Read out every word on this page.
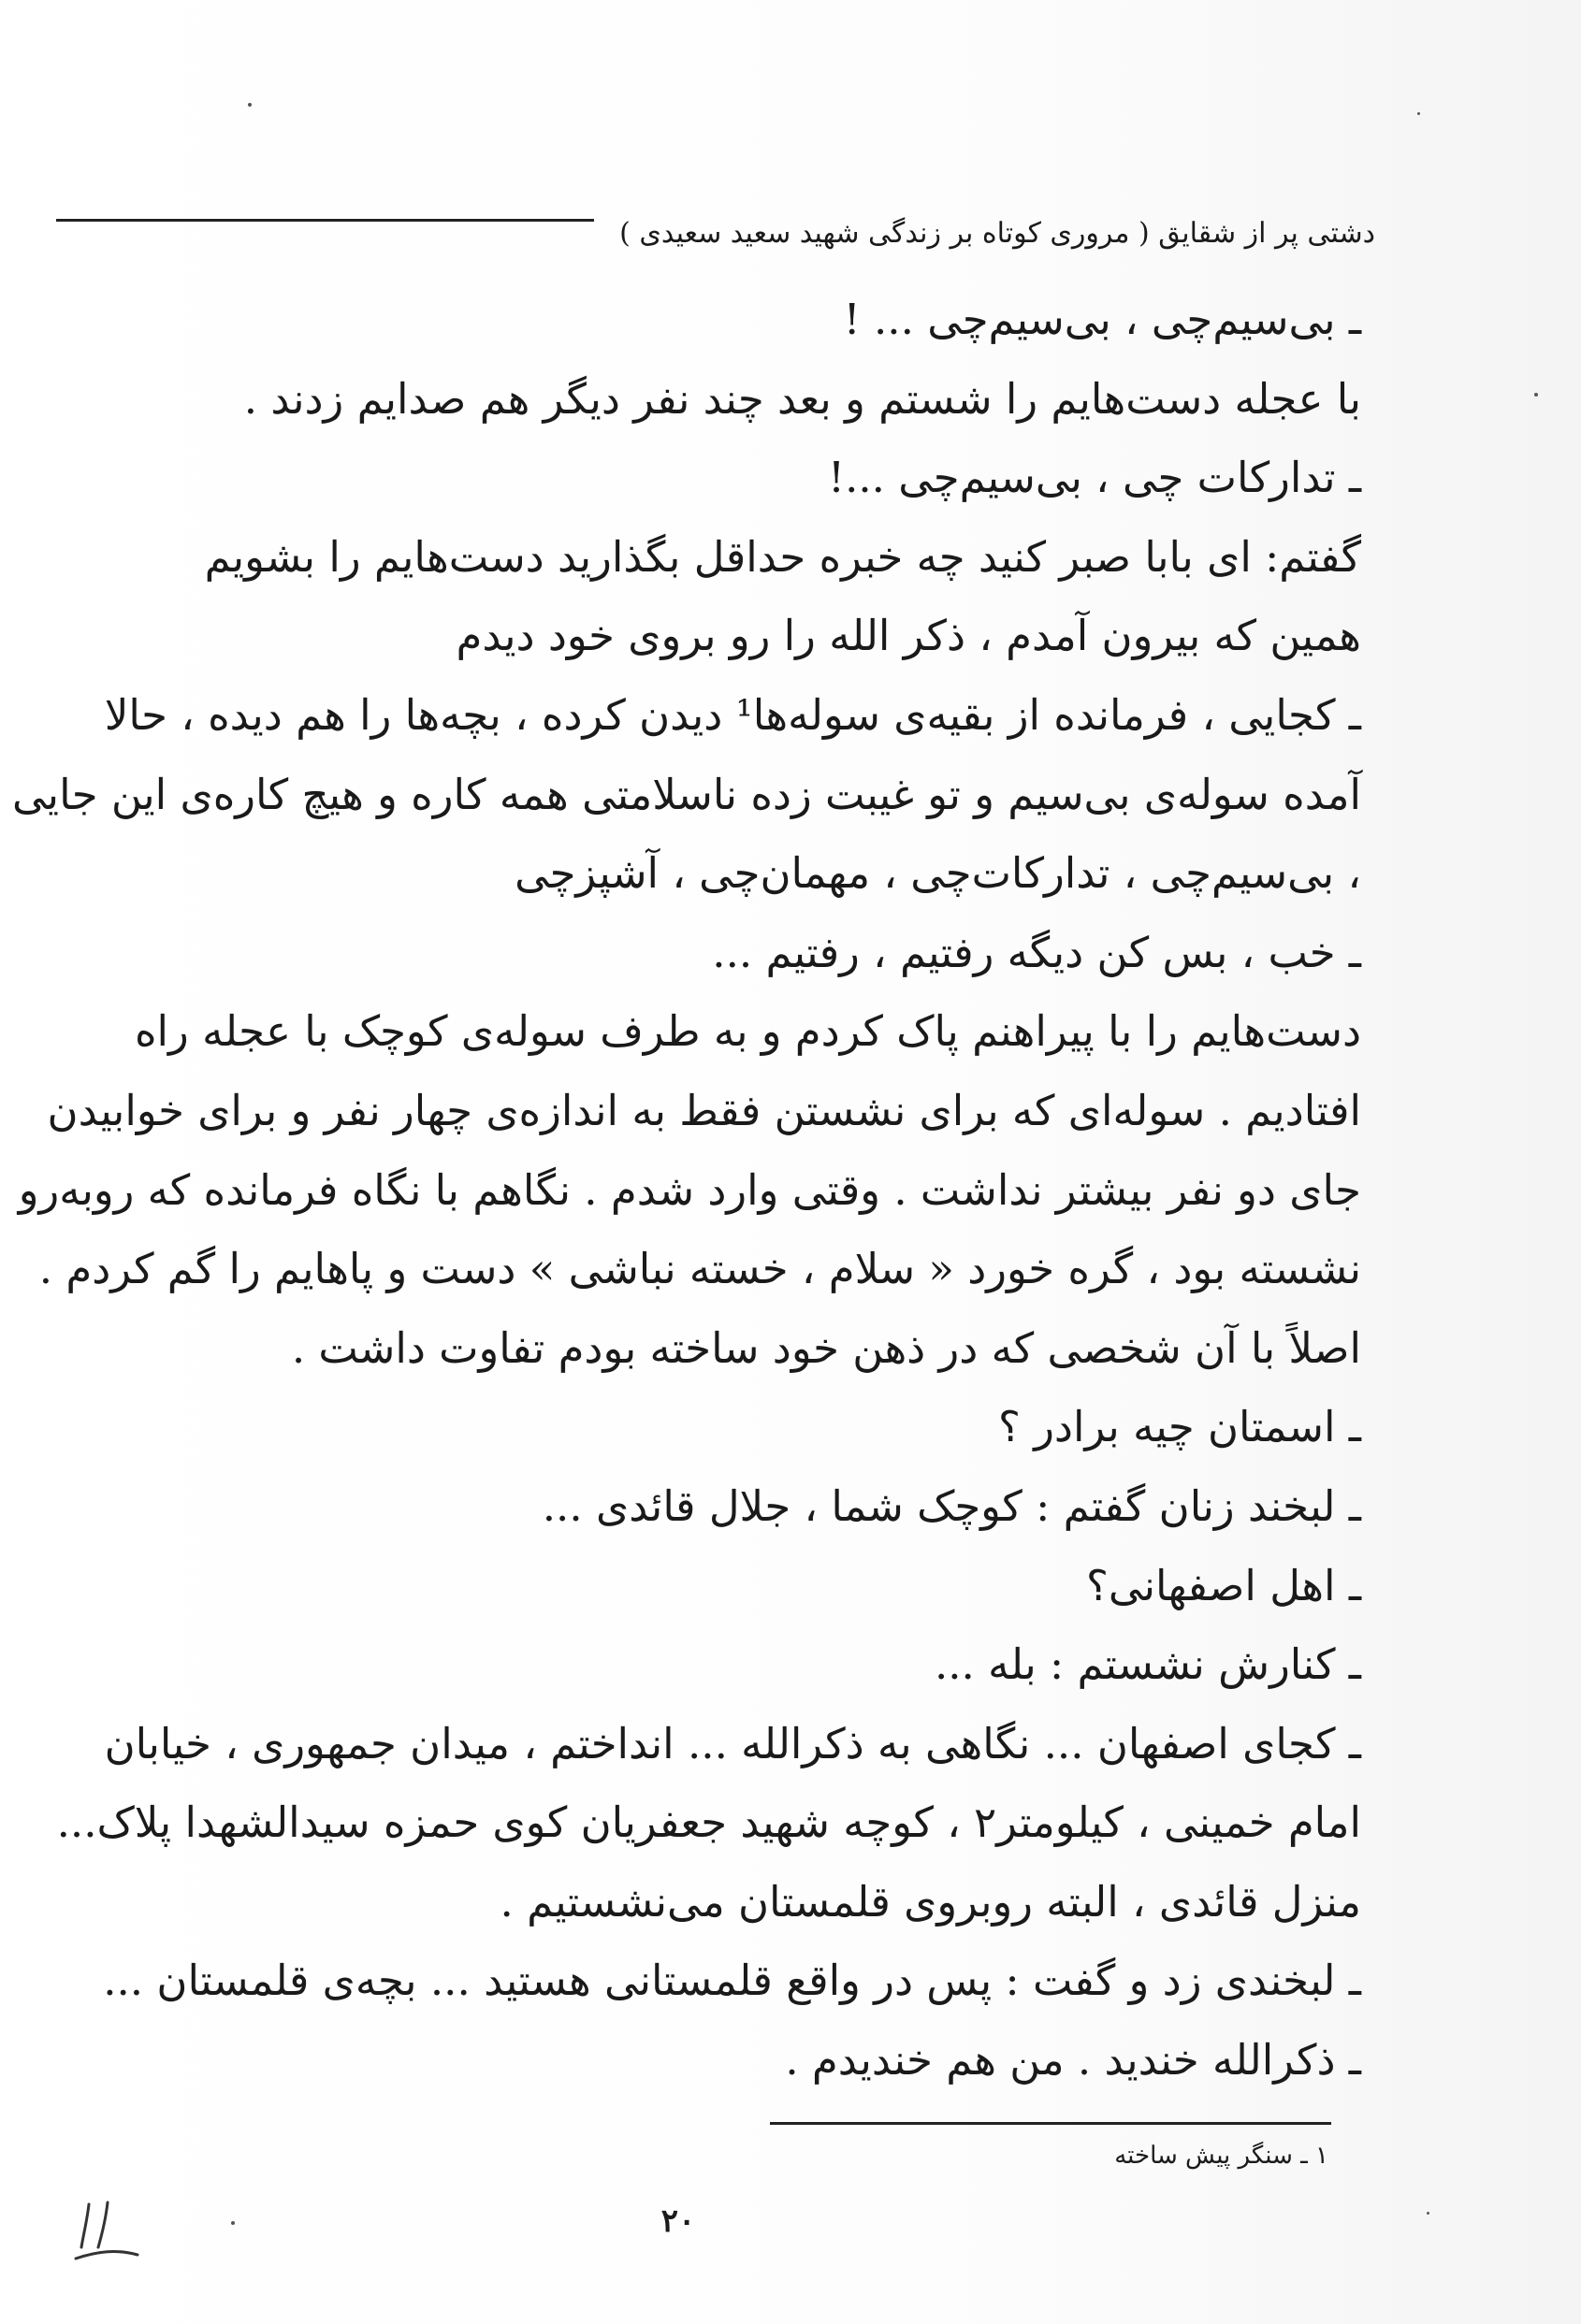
دشتی پر از شقایق ( مروری کوتاه بر زندگی شهید سعید سعیدی )
ـ بی‌سیم‌چی ، بی‌سیم‌چی ... !
با عجله دست‌هایم را شستم و بعد چند نفر دیگر هم صدایم زدند .
ـ تدارکات چی ، بی‌سیم‌چی ...!
گفتم: ای بابا صبر کنید چه خبره حداقل بگذارید دست‌هایم را بشویم
همین که بیرون آمدم ، ذکر الله را رو بروی خود دیدم
ـ کجایی ، فرمانده از بقیه‌ی سوله‌ها¹ دیدن کرده ، بچه‌ها را هم دیده ، حالا
آمده سوله‌ی بی‌سیم و تو غیبت زده ناسلامتی همه کاره و هیچ کاره‌ی این جایی
، بی‌سیم‌چی ، تدارکات‌چی ، مهمان‌چی ، آشپزچی
ـ خب ، بس کن دیگه رفتیم ، رفتیم ...
دست‌هایم را با پیراهنم پاک کردم و به طرف سوله‌ی کوچک با عجله راه
افتادیم . سوله‌ای که برای نشستن فقط به اندازه‌ی چهار نفر و برای خوابیدن
جای دو نفر بیشتر نداشت . وقتی وارد شدم . نگاهم با نگاه فرمانده که روبه‌رو
نشسته بود ، گره خورد « سلام ، خسته نباشی » دست و پاهایم را گم کردم .
اصلاً با آن شخصی که در ذهن خود ساخته بودم تفاوت داشت .
ـ اسمتان چیه برادر ؟
ـ لبخند زنان گفتم : کوچک شما ، جلال قائدی ...
ـ اهل اصفهانی؟
ـ کنارش نشستم : بله ...
ـ کجای اصفهان ... نگاهی به ذکرالله ... انداختم ، میدان جمهوری ، خیابان
امام خمینی ، کیلومتر۲ ، کوچه شهید جعفریان کوی حمزه سیدالشهدا پلاک...
منزل قائدی ، البته روبروی قلمستان می‌نشستیم .
ـ لبخندی زد و گفت : پس در واقع قلمستانی هستید ... بچه‌ی قلمستان ...
ـ ذکرالله خندید . من هم خندیدم .
۱ ـ سنگر پیش ساخته
۲۰
